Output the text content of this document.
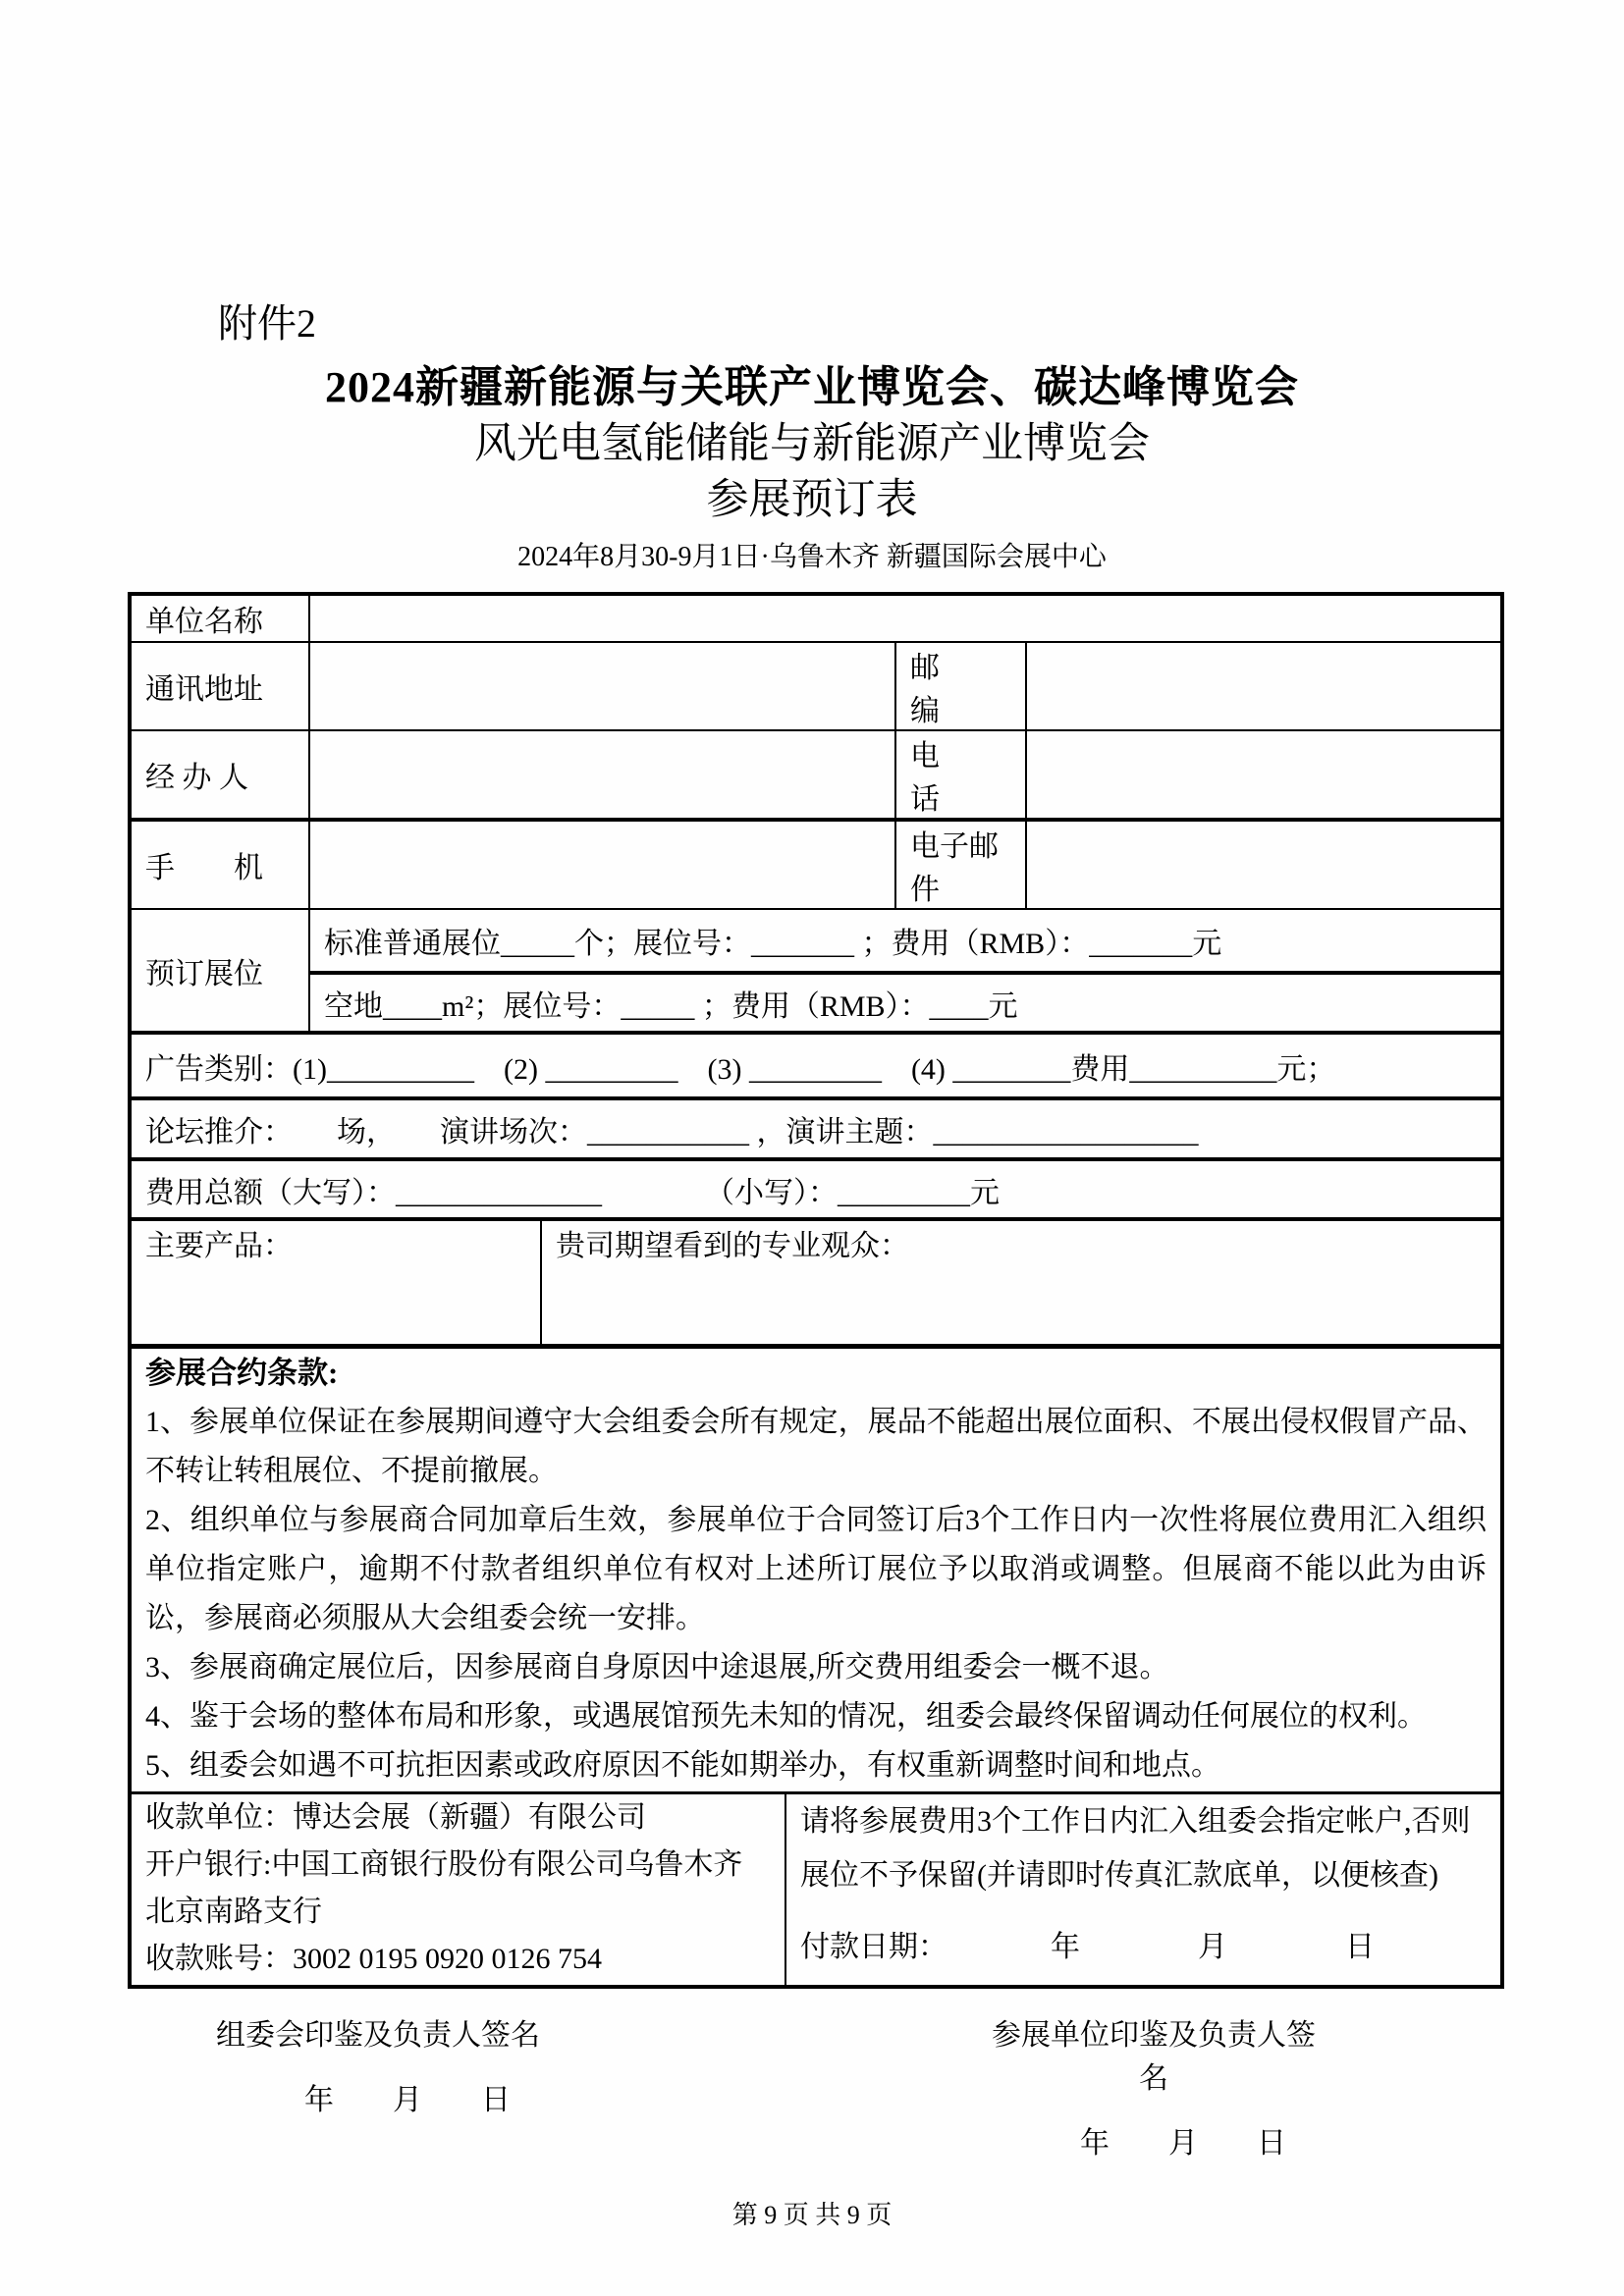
附件2
2024新疆新能源与关联产业博览会、碳达峰博览会
风光电氢能储能与新能源产业博览会
参展预订表
2024年8月30-9月1日·乌鲁木齐 新疆国际会展中心
单位名称					
通讯地址				邮　　编	
经 办 人				电　　话	
手　　机				电子邮件	
预订展位	标准普通展位_____个；展位号：_______ ；费用（RMB）：_______元				
	空地____m²；展位号：_____ ；费用（RMB）：____元				
广告类别：(1)__________　(2) _________　(3) _________　(4) ________费用__________元；					
论坛推介：　　场，　　演讲场次：___________ ，演讲主题：__________________					
费用总额（大写）：______________　　　　（小写）：_________元					
主要产品：		贵司期望看到的专业观众：			

参展合约条款:
1、参展单位保证在参展期间遵守大会组委会所有规定，展品不能超出展位面积、不展出侵权假冒产品、不转让转租展位、不提前撤展。
2、组织单位与参展商合同加章后生效，参展单位于合同签订后3个工作日内一次性将展位费用汇入组织单位指定账户，逾期不付款者组织单位有权对上述所订展位予以取消或调整。但展商不能以此为由诉讼，参展商必须服从大会组委会统一安排。
3、参展商确定展位后，因参展商自身原因中途退展,所交费用组委会一概不退。
4、鉴于会场的整体布局和形象，或遇展馆预先未知的情况，组委会最终保留调动任何展位的权利。
5、组委会如遇不可抗拒因素或政府原因不能如期举办，有权重新调整时间和地点。

收款单位：博达会展（新疆）有限公司
开户银行:中国工商银行股份有限公司乌鲁木齐北京南路支行
收款账号：3002 0195 0920 0126 754

请将参展费用3个工作日内汇入组委会指定帐户,否则展位不予保留(并请即时传真汇款底单，以便核查)
付款日期：　　　　年　　　　月　　　　日
组委会印鉴及负责人签名
年　　月　　日
参展单位印鉴及负责人签名
年　　月　　日
第 9 页 共 9 页
